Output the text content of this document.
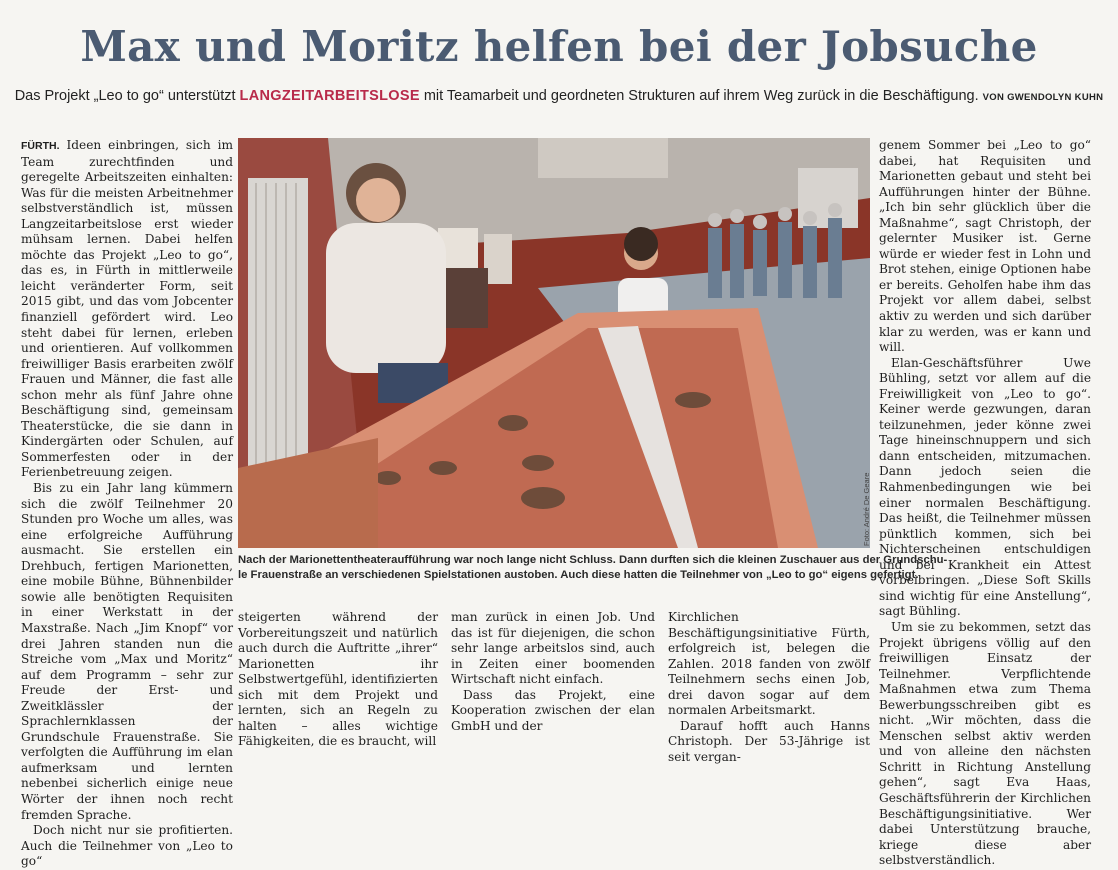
Max und Moritz helfen bei der Jobsuche
Das Projekt „Leo to go“ unterstützt LANGZEITARBEITSLOSE mit Teamarbeit und geordneten Strukturen auf ihrem Weg zurück in die Beschäftigung. VON GWENDOLYN KUHN

FÜRTH. Ideen einbringen, sich im Team zurechtfinden und geregelte Arbeitszeiten einhalten: Was für die meisten Arbeitnehmer selbstverständlich ist, müssen Langzeitarbeitslose erst wieder mühsam lernen. Dabei helfen möchte das Projekt „Leo to go“, das es, in Fürth in mittlerweile leicht veränderter Form, seit 2015 gibt, und das vom Jobcenter finanziell gefördert wird. Leo steht dabei für lernen, erleben und orientieren. Auf vollkommen freiwilliger Basis erarbeiten zwölf Frauen und Männer, die fast alle schon mehr als fünf Jahre ohne Beschäftigung sind, gemeinsam Theaterstücke, die sie dann in Kindergärten oder Schulen, auf Sommerfesten oder in der Ferienbetreuung zeigen.

Bis zu ein Jahr lang kümmern sich die zwölf Teilnehmer 20 Stunden pro Woche um alles, was eine erfolgreiche Aufführung ausmacht. Sie erstellen ein Drehbuch, fertigen Marionetten, eine mobile Bühne, Bühnenbilder sowie alle benötigten Requisiten in einer Werkstatt in der Maxstraße. Nach „Jim Knopf“ vor drei Jahren standen nun die Streiche vom „Max und Moritz“ auf dem Programm – sehr zur Freude der Erst- und Zweitklässler der Sprachlernklassen der Grundschule Frauenstraße. Sie verfolgten die Aufführung im elan aufmerksam und lernten nebenbei sicherlich einige neue Wörter der ihnen noch recht fremden Sprache.

Doch nicht nur sie profitierten. Auch die Teilnehmer von „Leo to go“

Foto: André De Geare
Nach der Marionettentheateraufführung war noch lange nicht Schluss. Dann durften sich die kleinen Zuschauer aus der Grundschu-
le Frauenstraße an verschiedenen Spielstationen austoben. Auch diese hatten die Teilnehmer von „Leo to go“ eigens gefertigt.

steigerten während der Vorbereitungszeit und natürlich auch durch die Auftritte „ihrer“ Marionetten ihr Selbstwertgefühl, identifizierten sich mit dem Projekt und lernten, sich an Regeln zu halten – alles wichtige Fähigkeiten, die es braucht, will

man zurück in einen Job. Und das ist für diejenigen, die schon sehr lange arbeitslos sind, auch in Zeiten einer boomenden Wirtschaft nicht einfach.

Dass das Projekt, eine Kooperation zwischen der elan GmbH und der

Kirchlichen Beschäftigungsinitiative Fürth, erfolgreich ist, belegen die Zahlen. 2018 fanden von zwölf Teilnehmern sechs einen Job, drei davon sogar auf dem normalen Arbeitsmarkt.

Darauf hofft auch Hanns Christoph. Der 53-Jährige ist seit vergan-

genem Sommer bei „Leo to go“ dabei, hat Requisiten und Marionetten gebaut und steht bei Aufführungen hinter der Bühne. „Ich bin sehr glücklich über die Maßnahme“, sagt Christoph, der gelernter Musiker ist. Gerne würde er wieder fest in Lohn und Brot stehen, einige Optionen habe er bereits. Geholfen habe ihm das Projekt vor allem dabei, selbst aktiv zu werden und sich darüber klar zu werden, was er kann und will.

Elan-Geschäftsführer Uwe Bühling, setzt vor allem auf die Freiwilligkeit von „Leo to go“. Keiner werde gezwungen, daran teilzunehmen, jeder könne zwei Tage hineinschnuppern und sich dann entscheiden, mitzumachen. Dann jedoch seien die Rahmenbedingungen wie bei einer normalen Beschäftigung. Das heißt, die Teilnehmer müssen pünktlich kommen, sich bei Nichterscheinen entschuldigen und bei Krankheit ein Attest vorbeibringen. „Diese Soft Skills sind wichtig für eine Anstellung“, sagt Bühling.

Um sie zu bekommen, setzt das Projekt übrigens völlig auf den freiwilligen Einsatz der Teilnehmer. Verpflichtende Maßnahmen etwa zum Thema Bewerbungsschreiben gibt es nicht. „Wir möchten, dass die Menschen selbst aktiv werden und von alleine den nächsten Schritt in Richtung Anstellung gehen“, sagt Eva Haas, Geschäftsführerin der Kirchlichen Beschäftigungsinitiative. Wer dabei Unterstützung brauche, kriege diese aber selbstverständlich.
